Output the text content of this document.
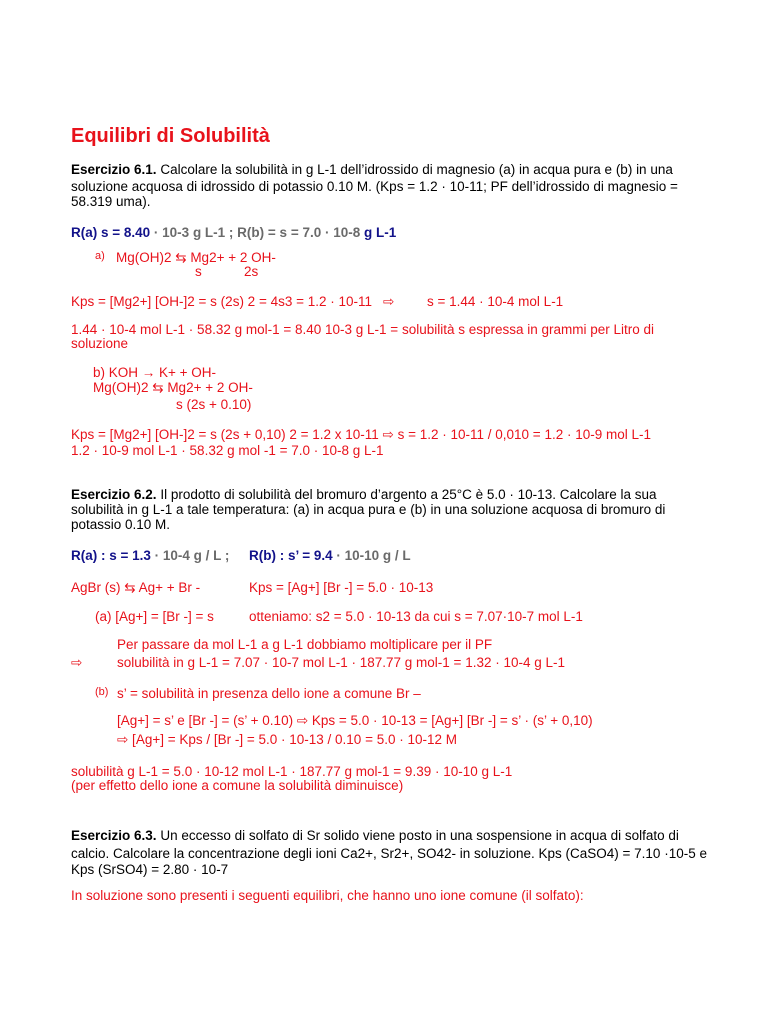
Equilibri di Solubilità
Esercizio 6.1. Calcolare la solubilità in g L-1 dell’idrossido di magnesio (a) in acqua pura e (b) in una
soluzione acquosa di idrossido di potassio 0.10 M. (Kps = 1.2 · 10-11; PF dell’idrossido di magnesio =
58.319 uma).
R(a) s = 8.40 · 10-3 g L-1 ; R(b) = s = 7.0 · 10-8 g L-1
a) Mg(OH)2 ⇆ Mg2+ + 2 OH-
s	2s
Kps = [Mg2+] [OH-]2 = s (2s) 2 = 4s3 = 1.2 · 10-11 ⇨ s = 1.44 · 10-4 mol L-1
1.44 · 10-4 mol L-1 · 58.32 g mol-1 = 8.40 10-3 g L-1 = solubilità s espressa in grammi per Litro di
soluzione
b) KOH → K+ + OH-
Mg(OH)2 ⇆ Mg2+ + 2 OH-
s (2s + 0.10)
Kps = [Mg2+] [OH-]2 = s (2s + 0,10) 2 = 1.2 x 10-11 ⇨ s = 1.2 · 10-11 / 0,010 = 1.2 · 10-9 mol L-1
1.2 · 10-9 mol L-1 · 58.32 g mol -1 = 7.0 · 10-8 g L-1
Esercizio 6.2. Il prodotto di solubilità del bromuro d’argento a 25°C è 5.0 · 10-13. Calcolare la sua
solubilità in g L-1 a tale temperatura: (a) in acqua pura e (b) in una soluzione acquosa di bromuro di
potassio 0.10 M.
R(a) : s = 1.3 · 10-4 g / L ; R(b) : s’ = 9.4 · 10-10 g / L
AgBr (s) ⇆ Ag+ + Br -	Kps = [Ag+] [Br -] = 5.0 · 10-13
(a) [Ag+] = [Br -] = s	otteniamo: s2 = 5.0 · 10-13 da cui s = 7.07·10-7 mol L-1
Per passare da mol L-1 a g L-1 dobbiamo moltiplicare per il PF
⇨	solubilità in g L-1 = 7.07 · 10-7 mol L-1 · 187.77 g mol-1 = 1.32 · 10-4 g L-1
(b) s’ = solubilità in presenza dello ione a comune Br –
[Ag+] = s’ e [Br -] = (s’ + 0.10) ⇨ Kps = 5.0 · 10-13 = [Ag+] [Br -] = s’ · (s’ + 0,10)
⇨ [Ag+] = Kps / [Br -] = 5.0 · 10-13 / 0.10 = 5.0 · 10-12 M
solubilità g L-1 = 5.0 · 10-12 mol L-1 · 187.77 g mol-1 = 9.39 · 10-10 g L-1
(per effetto dello ione a comune la solubilità diminuisce)
Esercizio 6.3. Un eccesso di solfato di Sr solido viene posto in una sospensione in acqua di solfato di
calcio. Calcolare la concentrazione degli ioni Ca2+, Sr2+, SO42- in soluzione. Kps (CaSO4) = 7.10 ·10-5 e
Kps (SrSO4) = 2.80 · 10-7
In soluzione sono presenti i seguenti equilibri, che hanno uno ione comune (il solfato):
